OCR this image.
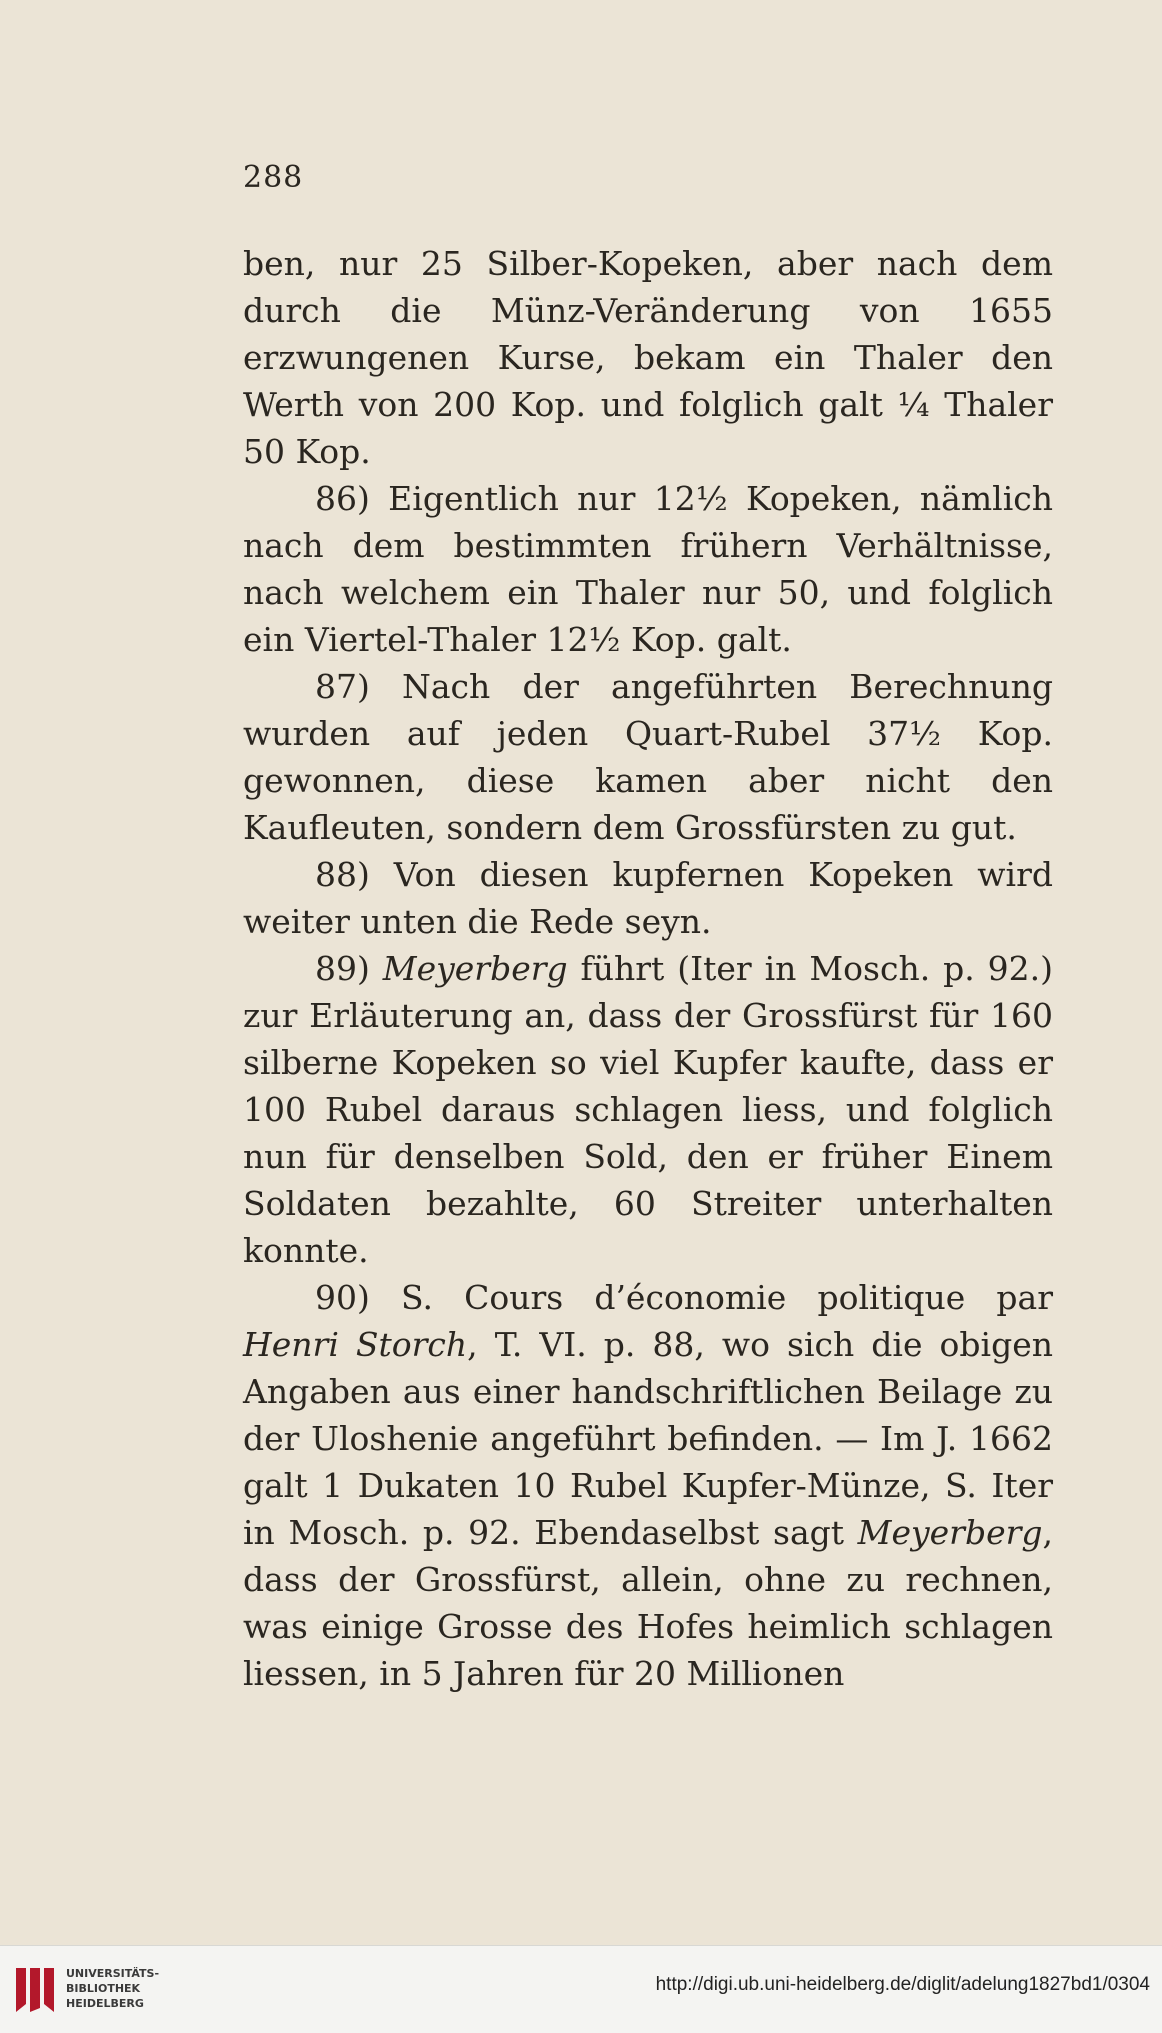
288

ben, nur 25 Silber-Kopeken, aber nach dem durch die Münz-Veränderung von 1655 erzwungenen Kurse, bekam ein Thaler den Werth von 200 Kop. und folglich galt ¼ Thaler 50 Kop.

86) Eigentlich nur 12½ Kopeken, nämlich nach dem bestimmten frühern Verhältnisse, nach welchem ein Thaler nur 50, und folglich ein Viertel-Thaler 12½ Kop. galt.

87) Nach der angeführten Berechnung wurden auf jeden Quart-Rubel 37½ Kop. gewonnen, diese kamen aber nicht den Kaufleuten, sondern dem Grossfürsten zu gut.

88) Von diesen kupfernen Kopeken wird weiter unten die Rede seyn.

89) Meyerberg führt (Iter in Mosch. p. 92.) zur Erläuterung an, dass der Grossfürst für 160 silberne Kopeken so viel Kupfer kaufte, dass er 100 Rubel daraus schlagen liess, und folglich nun für denselben Sold, den er früher Einem Soldaten bezahlte, 60 Streiter unterhalten konnte.

90) S. Cours d’économie politique par Henri Storch, T. VI. p. 88, wo sich die obigen Angaben aus einer handschriftlichen Beilage zu der Uloshenie angeführt befinden. — Im J. 1662 galt 1 Dukaten 10 Rubel Kupfer-Münze, S. Iter in Mosch. p. 92. Ebendaselbst sagt Meyerberg, dass der Grossfürst, allein, ohne zu rechnen, was einige Grosse des Hofes heimlich schlagen liessen, in 5 Jahren für 20 Millionen

UNIVERSITÄTS-
BIBLIOTHEK
HEIDELBERG
http://digi.ub.uni-heidelberg.de/diglit/adelung1827bd1/0304
